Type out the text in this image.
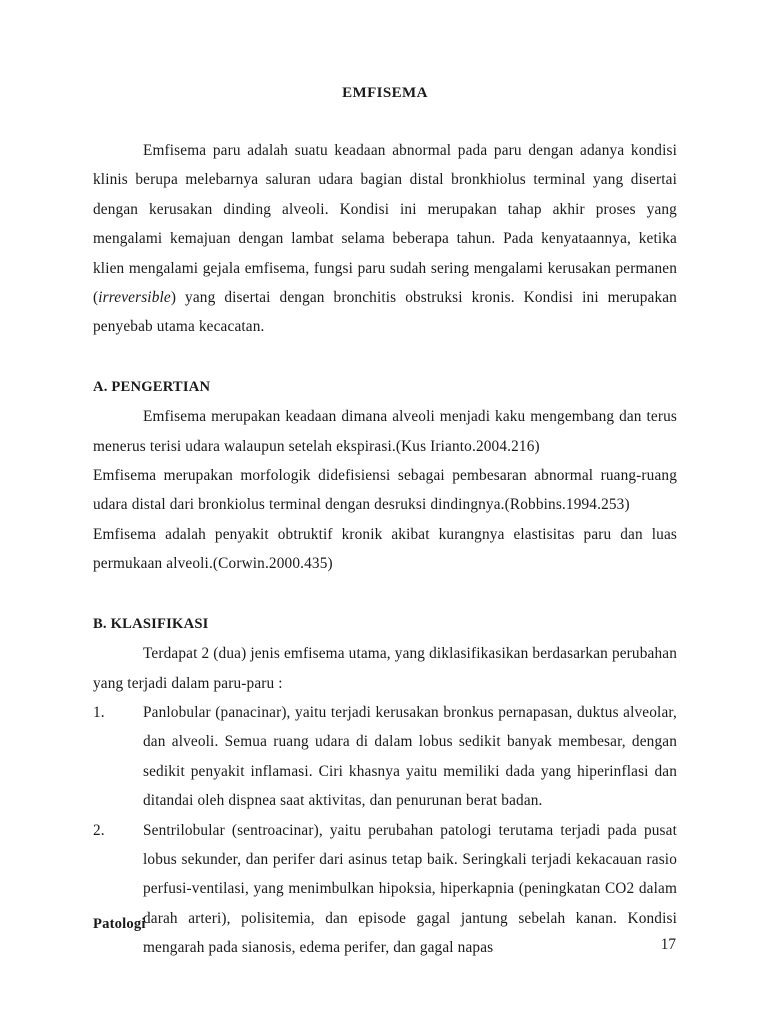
EMFISEMA

Emfisema paru adalah suatu keadaan abnormal pada paru dengan adanya kondisi klinis berupa melebarnya saluran udara bagian distal bronkhiolus terminal yang disertai dengan kerusakan dinding alveoli. Kondisi ini merupakan tahap akhir proses yang mengalami kemajuan dengan lambat selama beberapa tahun. Pada kenyataannya, ketika klien mengalami gejala emfisema, fungsi paru sudah sering mengalami kerusakan permanen (irreversible) yang disertai dengan bronchitis obstruksi kronis. Kondisi ini merupakan penyebab utama kecacatan.

A. PENGERTIAN

Emfisema merupakan keadaan dimana alveoli menjadi kaku mengembang dan terus menerus terisi udara walaupun setelah ekspirasi.(Kus Irianto.2004.216)

Emfisema merupakan morfologik didefisiensi sebagai pembesaran abnormal ruang-ruang udara distal dari bronkiolus terminal dengan desruksi dindingnya.(Robbins.1994.253)

Emfisema adalah penyakit obtruktif kronik akibat kurangnya elastisitas paru dan luas permukaan alveoli.(Corwin.2000.435)

B. KLASIFIKASI

Terdapat 2 (dua) jenis emfisema utama, yang diklasifikasikan berdasarkan perubahan yang terjadi dalam paru-paru :

1.	Panlobular (panacinar), yaitu terjadi kerusakan bronkus pernapasan, duktus alveolar, dan alveoli. Semua ruang udara di dalam lobus sedikit banyak membesar, dengan sedikit penyakit inflamasi. Ciri khasnya yaitu memiliki dada yang hiperinflasi dan ditandai oleh dispnea saat aktivitas, dan penurunan berat badan.
2.	Sentrilobular (sentroacinar), yaitu perubahan patologi terutama terjadi pada pusat lobus sekunder, dan perifer dari asinus tetap baik. Seringkali terjadi kekacauan rasio perfusi-ventilasi, yang menimbulkan hipoksia, hiperkapnia (peningkatan CO2 dalam darah arteri), polisitemia, dan episode gagal jantung sebelah kanan. Kondisi mengarah pada sianosis, edema perifer, dan gagal napas
Patologi
17
